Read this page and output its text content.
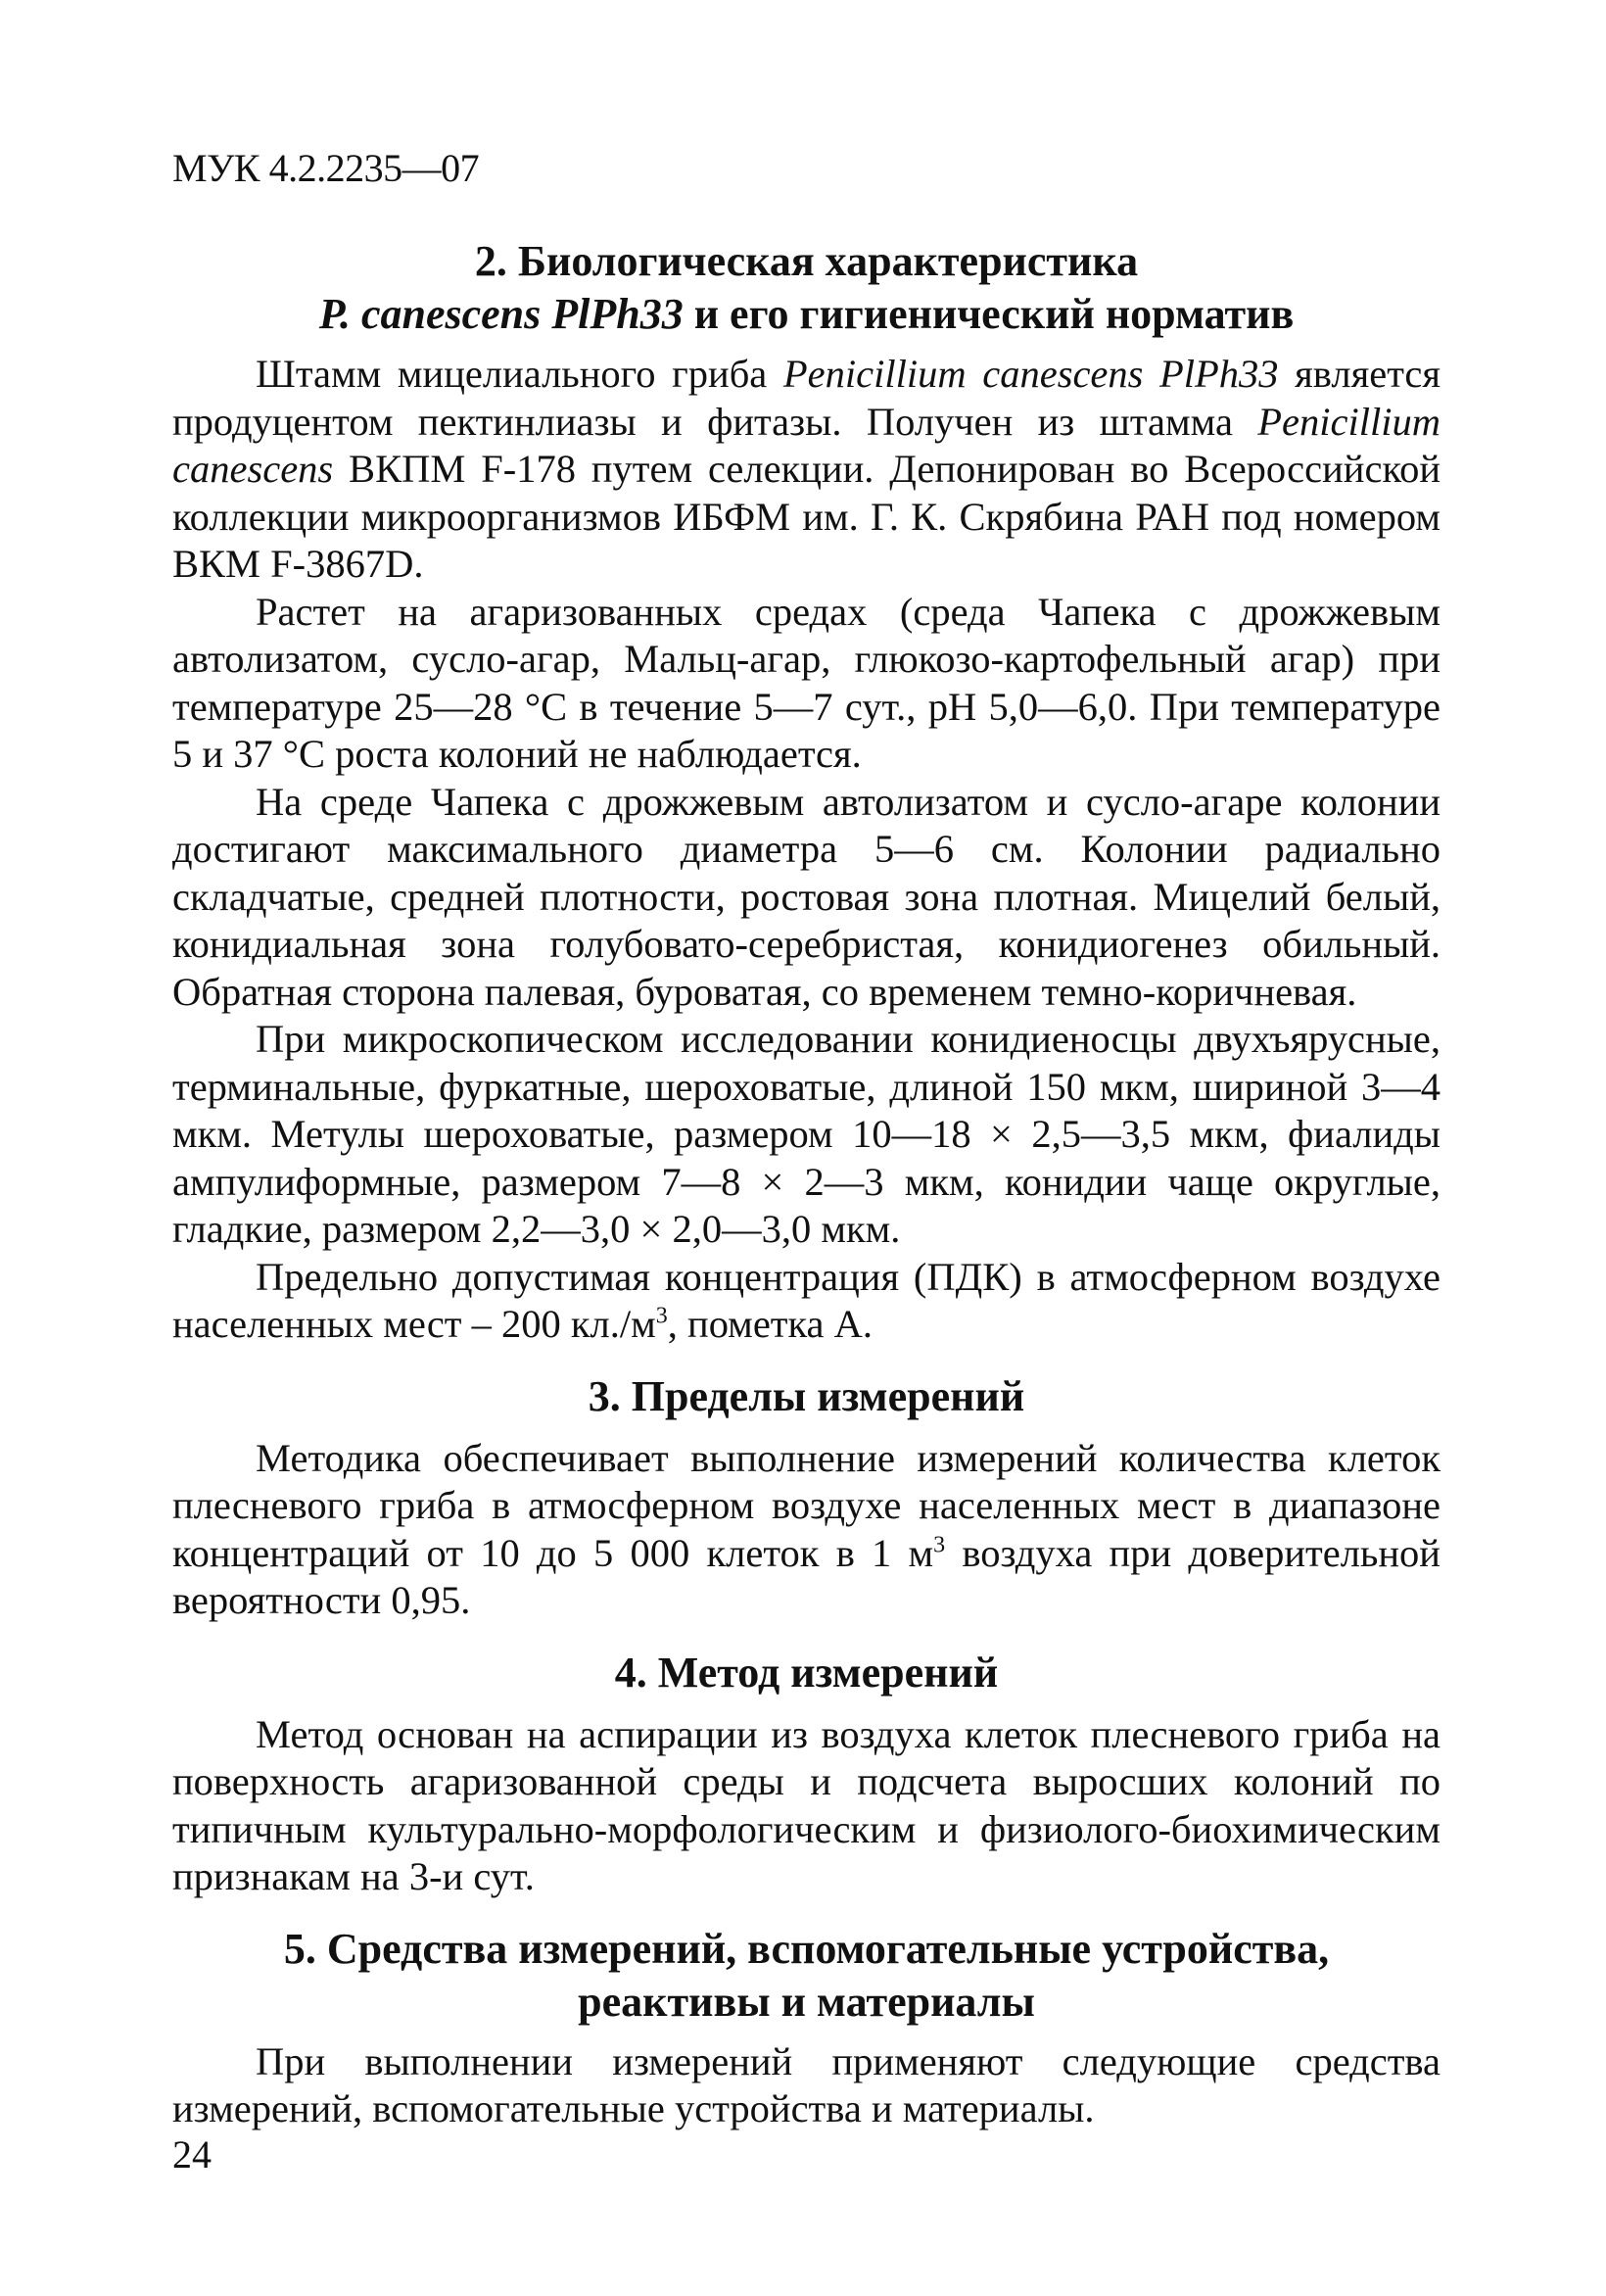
МУК 4.2.2235—07
2. Биологическая характеристика
P. canescens PlPh33 и его гигиенический норматив

Штамм мицелиального гриба Penicillium canescens PlPh33 является продуцентом пектинлиазы и фитазы. Получен из штамма Penicillium canescens ВКПМ F-178 путем селекции. Депонирован во Всероссийской коллекции микроорганизмов ИБФМ им. Г. К. Скрябина РАН под номером ВКМ F-3867D.

Растет на агаризованных средах (среда Чапека с дрожжевым автолизатом, сусло-агар, Мальц-агар, глюкозо-картофельный агар) при температуре 25—28 °С в течение 5—7 сут., pH 5,0—6,0. При температуре 5 и 37 °С роста колоний не наблюдается.

На среде Чапека с дрожжевым автолизатом и сусло-агаре колонии достигают максимального диаметра 5—6 см. Колонии радиально складчатые, средней плотности, ростовая зона плотная. Мицелий белый, конидиальная зона голубовато-серебристая, конидиогенез обильный. Обратная сторона палевая, буроватая, со временем темно-коричневая.

При микроскопическом исследовании конидиеносцы двухъярусные, терминальные, фуркатные, шероховатые, длиной 150 мкм, шириной 3—4 мкм. Метулы шероховатые, размером 10—18 × 2,5—3,5 мкм, фиалиды ампулиформные, размером 7—8 × 2—3 мкм, конидии чаще округлые, гладкие, размером 2,2—3,0 × 2,0—3,0 мкм.

Предельно допустимая концентрация (ПДК) в атмосферном воздухе населенных мест – 200 $кл./м^3$, пометка А.

3. Пределы измерений

Методика обеспечивает выполнение измерений количества клеток плесневого гриба в атмосферном воздухе населенных мест в диапазоне концентраций от 10 до 5 000 клеток в 1 $м^3$ воздуха при доверительной вероятности 0,95.

4. Метод измерений

Метод основан на аспирации из воздуха клеток плесневого гриба на поверхность агаризованной среды и подсчета выросших колоний по типичным культурально-морфологическим и физиолого-биохимическим признакам на 3-и сут.

5. Средства измерений, вспомогательные устройства,
реактивы и материалы

При выполнении измерений применяют следующие средства измерений, вспомогательные устройства и материалы.

24
